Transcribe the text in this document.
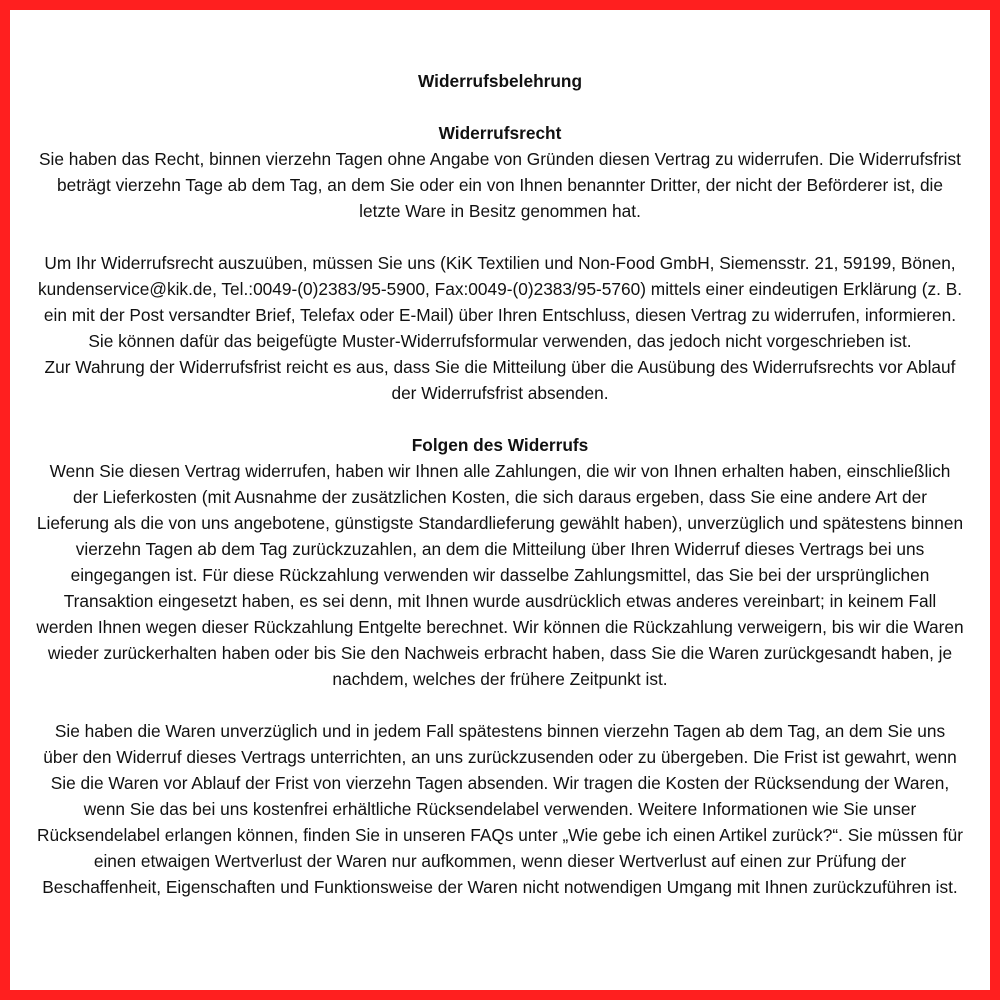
Widerrufsbelehrung

Widerrufsrecht

Sie haben das Recht, binnen vierzehn Tagen ohne Angabe von Gründen diesen Vertrag zu widerrufen. Die Widerrufsfrist beträgt vierzehn Tage ab dem Tag, an dem Sie oder ein von Ihnen benannter Dritter, der nicht der Beförderer ist, die letzte Ware in Besitz genommen hat.

Um Ihr Widerrufsrecht auszuüben, müssen Sie uns (KiK Textilien und Non-Food GmbH, Siemensstr. 21, 59199, Bönen, kundenservice@kik.de, Tel.:0049-(0)2383/95-5900, Fax:0049-(0)2383/95-5760) mittels einer eindeutigen Erklärung (z. B. ein mit der Post versandter Brief, Telefax oder E-Mail) über Ihren Entschluss, diesen Vertrag zu widerrufen, informieren. Sie können dafür das beigefügte Muster-Widerrufsformular verwenden, das jedoch nicht vorgeschrieben ist.

Zur Wahrung der Widerrufsfrist reicht es aus, dass Sie die Mitteilung über die Ausübung des Widerrufsrechts vor Ablauf der Widerrufsfrist absenden.

Folgen des Widerrufs

Wenn Sie diesen Vertrag widerrufen, haben wir Ihnen alle Zahlungen, die wir von Ihnen erhalten haben, einschließlich der Lieferkosten (mit Ausnahme der zusätzlichen Kosten, die sich daraus ergeben, dass Sie eine andere Art der Lieferung als die von uns angebotene, günstigste Standardlieferung gewählt haben), unverzüglich und spätestens binnen vierzehn Tagen ab dem Tag zurückzuzahlen, an dem die Mitteilung über Ihren Widerruf dieses Vertrags bei uns eingegangen ist. Für diese Rückzahlung verwenden wir dasselbe Zahlungsmittel, das Sie bei der ursprünglichen Transaktion eingesetzt haben, es sei denn, mit Ihnen wurde ausdrücklich etwas anderes vereinbart; in keinem Fall werden Ihnen wegen dieser Rückzahlung Entgelte berechnet. Wir können die Rückzahlung verweigern, bis wir die Waren wieder zurückerhalten haben oder bis Sie den Nachweis erbracht haben, dass Sie die Waren zurückgesandt haben, je nachdem, welches der frühere Zeitpunkt ist.

Sie haben die Waren unverzüglich und in jedem Fall spätestens binnen vierzehn Tagen ab dem Tag, an dem Sie uns über den Widerruf dieses Vertrags unterrichten, an uns zurückzusenden oder zu übergeben. Die Frist ist gewahrt, wenn Sie die Waren vor Ablauf der Frist von vierzehn Tagen absenden. Wir tragen die Kosten der Rücksendung der Waren, wenn Sie das bei uns kostenfrei erhältliche Rücksendelabel verwenden. Weitere Informationen wie Sie unser Rücksendelabel erlangen können, finden Sie in unseren FAQs unter „Wie gebe ich einen Artikel zurück?“. Sie müssen für einen etwaigen Wertverlust der Waren nur aufkommen, wenn dieser Wertverlust auf einen zur Prüfung der Beschaffenheit, Eigenschaften und Funktionsweise der Waren nicht notwendigen Umgang mit Ihnen zurückzuführen ist.
